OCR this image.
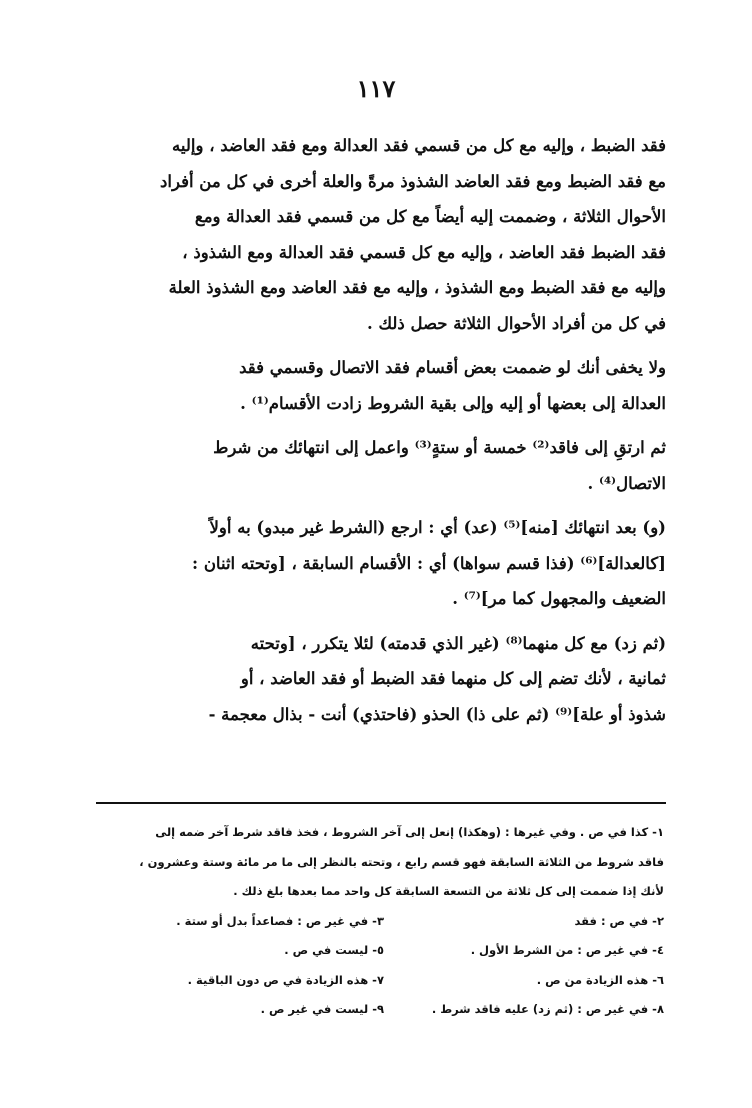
١١٧

فقد الضبط ، وإليه مع كل من قسمي فقد العدالة ومع فقد العاضد ، وإليه
مع فقد الضبط ومع فقد العاضد الشذوذ مرةً والعلة أخرى في كل من أفراد
الأحوال الثلاثة ، وضممت إليه أيضاً مع كل من قسمي فقد العدالة ومع
فقد الضبط فقد العاضد ، وإليه مع كل قسمي فقد العدالة ومع الشذوذ ،
وإليه مع فقد الضبط ومع الشذوذ ، وإليه مع فقد العاضد ومع الشذوذ العلة
في كل من أفراد الأحوال الثلاثة حصل ذلك .

ولا يخفى أنك لو ضممت بعض أقسام فقد الاتصال وقسمي فقد
العدالة إلى بعضها أو إليه وإلى بقية الشروط زادت الأقسام⁽¹⁾ .

ثم ارتقِ إلى فاقد⁽²⁾ خمسة أو ستةٍ⁽³⁾ واعمل إلى انتهائك من شرط
الاتصال⁽⁴⁾ .

(و) بعد انتهائك [منه]⁽⁵⁾ (عد) أي : ارجع (الشرط غير مبدو) به أولاً
[كالعدالة]⁽⁶⁾ (فذا قسم سواها) أي : الأقسام السابقة ، [وتحته اثنان :
الضعيف والمجهول كما مر]⁽⁷⁾ .

(ثم زد) مع كل منهما⁽⁸⁾ (غير الذي قدمته) لئلا يتكرر ، [وتحته
ثمانية ، لأنك تضم إلى كل منهما فقد الضبط أو فقد العاضد ، أو
شذوذ أو علة]⁽⁹⁾ (ثم على ذا) الحذو (فاحتذي) أنت - بذال معجمة -

١- كذا في ص . وفي غيرها : (وهكذا) إنعل إلى آخر الشروط ، فخذ فاقد شرط آخر ضمه إلى
فاقد شروط من الثلاثة السابقة فهو قسم رابع ، وتحته بالنظر إلى ما مر مائة وستة وعشرون ،
لأنك إذا ضممت إلى كل ثلاثة من التسعة السابقة كل واحد مما بعدها بلغ ذلك .
٢- في ص : فقد
٣- في غير ص : فصاعداً بدل أو ستة .
٤- في غير ص : من الشرط الأول .
٥- ليست في ص .
٦- هذه الزيادة من ص .
٧- هذه الزيادة في ص دون الباقية .
٨- في غير ص : (ثم زد) عليه فاقد شرط .
٩- ليست في غير ص .
